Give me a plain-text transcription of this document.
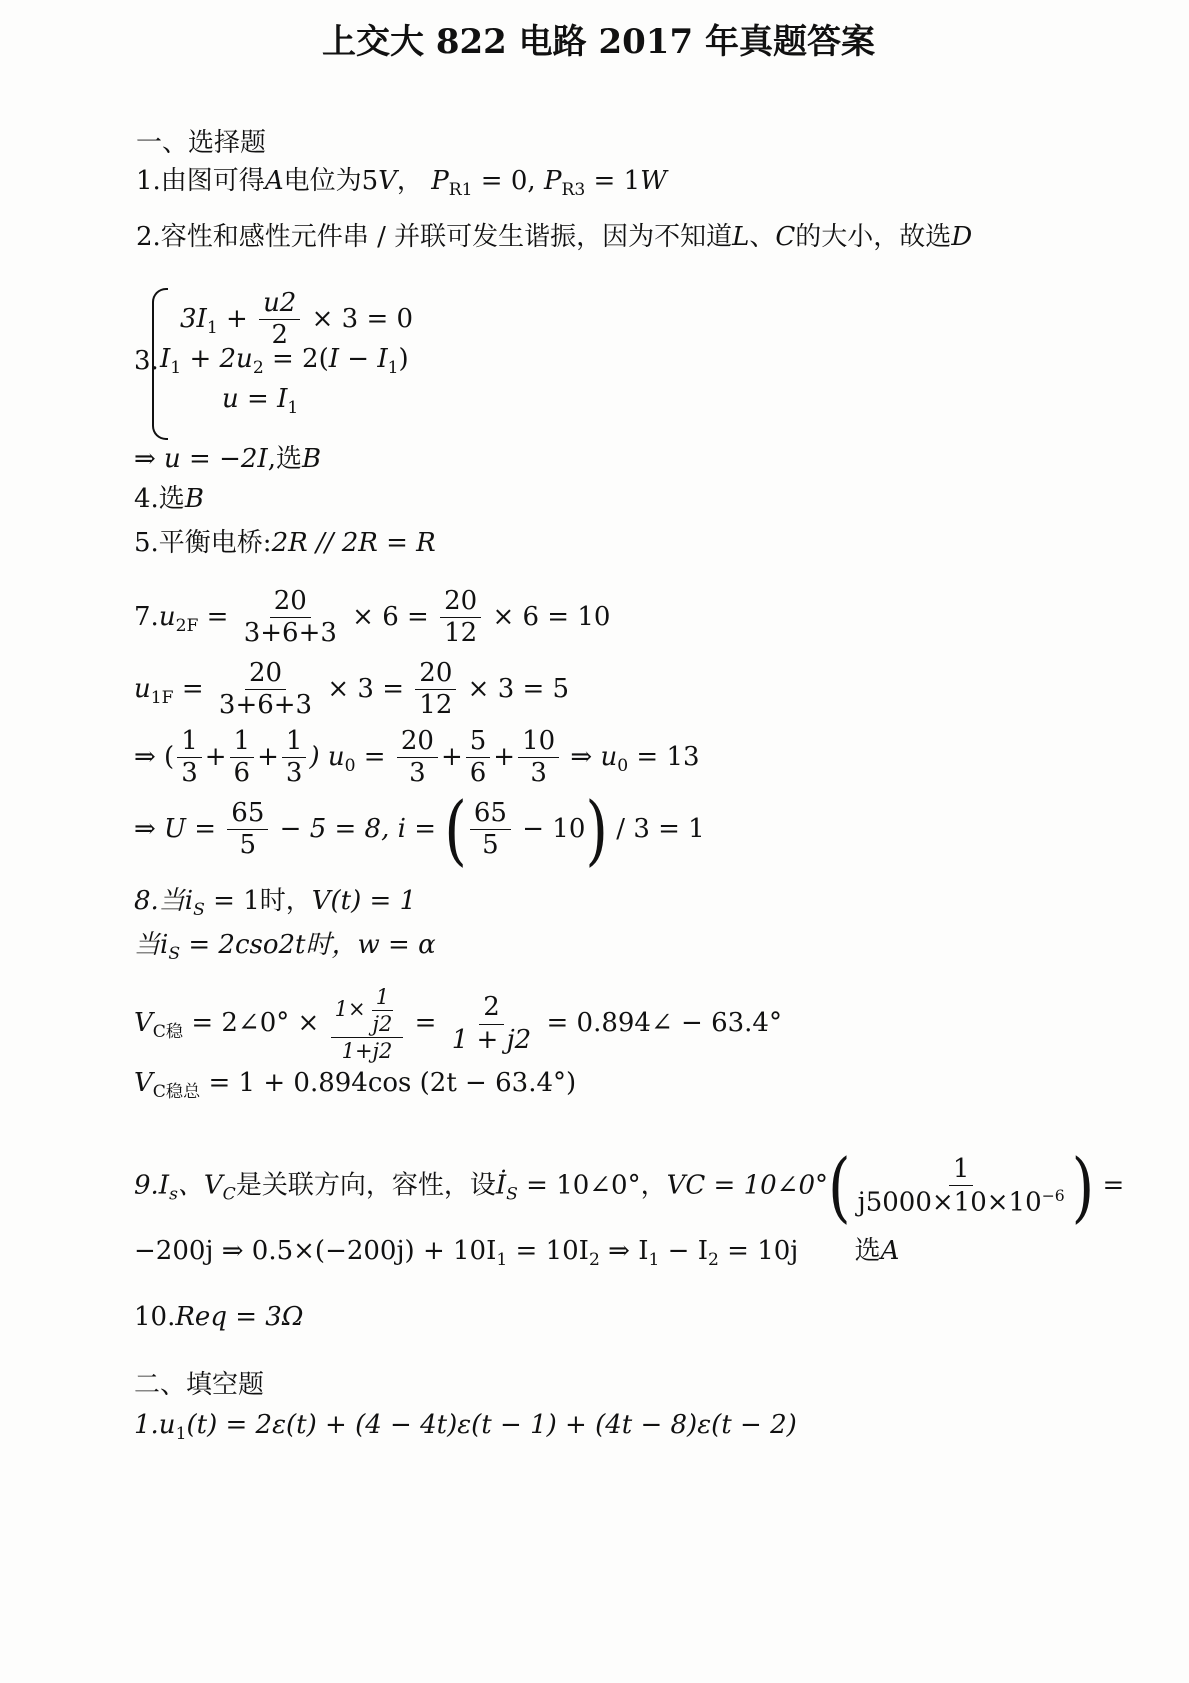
上交大 822 电路 2017 年真题答案
一、选择题
1.由图可得A电位为5V， $P_{R1} = 0$, $P_{R3} = 1W$
2.容性和感性元件串 / 并联可发生谐振，因为不知道L、C的大小，故选D
3.
$3I_1 + \frac{u2}{2} \times 3 = 0$
$I_1 + 2u_2 = 2(I - I_1)$
$u = I_1$
⇒ u = −2I,选B
4.选B
5.平衡电桥:2R // 2R = R
$7.u_{2F} = \frac{20}{3+6+3} \times 6 = \frac{20}{12} \times 6 = 10$
$u_{1F} = \frac{20}{3+6+3} \times 3 = \frac{20}{12} \times 3 = 5$
⇒ ( $\frac{1}{3} + \frac{1}{6} + \frac{1}{3}$ ) $u_0 = \frac{20}{3} + \frac{5}{6} + \frac{10}{3}$ ⇒ $u_0 = 13$
⇒ $U = \frac{65}{5} - 5 = 8$, i = ( $\frac{65}{5} - 10) / 3 = 1$
8.当$i_S = 1$时，V(t) = 1
当$i_S = 2cso2t$时，w = α
$V_{C稳}$ = 2∠0° × $\frac{1\times \frac{1}{j2}}{1+j2} = \frac{2}{1 + j2}$ = 0.894∠ − 63.4°
$V_{C稳总} = 1 + 0.894\cos$ (2t − 63.4°)
$9.I_s$、$V_C$是关联方向，容性，设$İ_S$ = 10∠0°，VC = 10∠0°( $\frac{1}{j5000\times 10\times 10^{-6}}$ ) =
−200j ⇒ $0.5\times(-200j) + 10I_1 = 10I_2$ ⇒ $I_1 - I_2 = 10j$ 选A
10.Req = 3Ω
二、填空题
$1.u_1(t) = 2\varepsilon(t) + (4 - 4t)\varepsilon(t - 1) + (4t - 8)\varepsilon(t - 2)$
